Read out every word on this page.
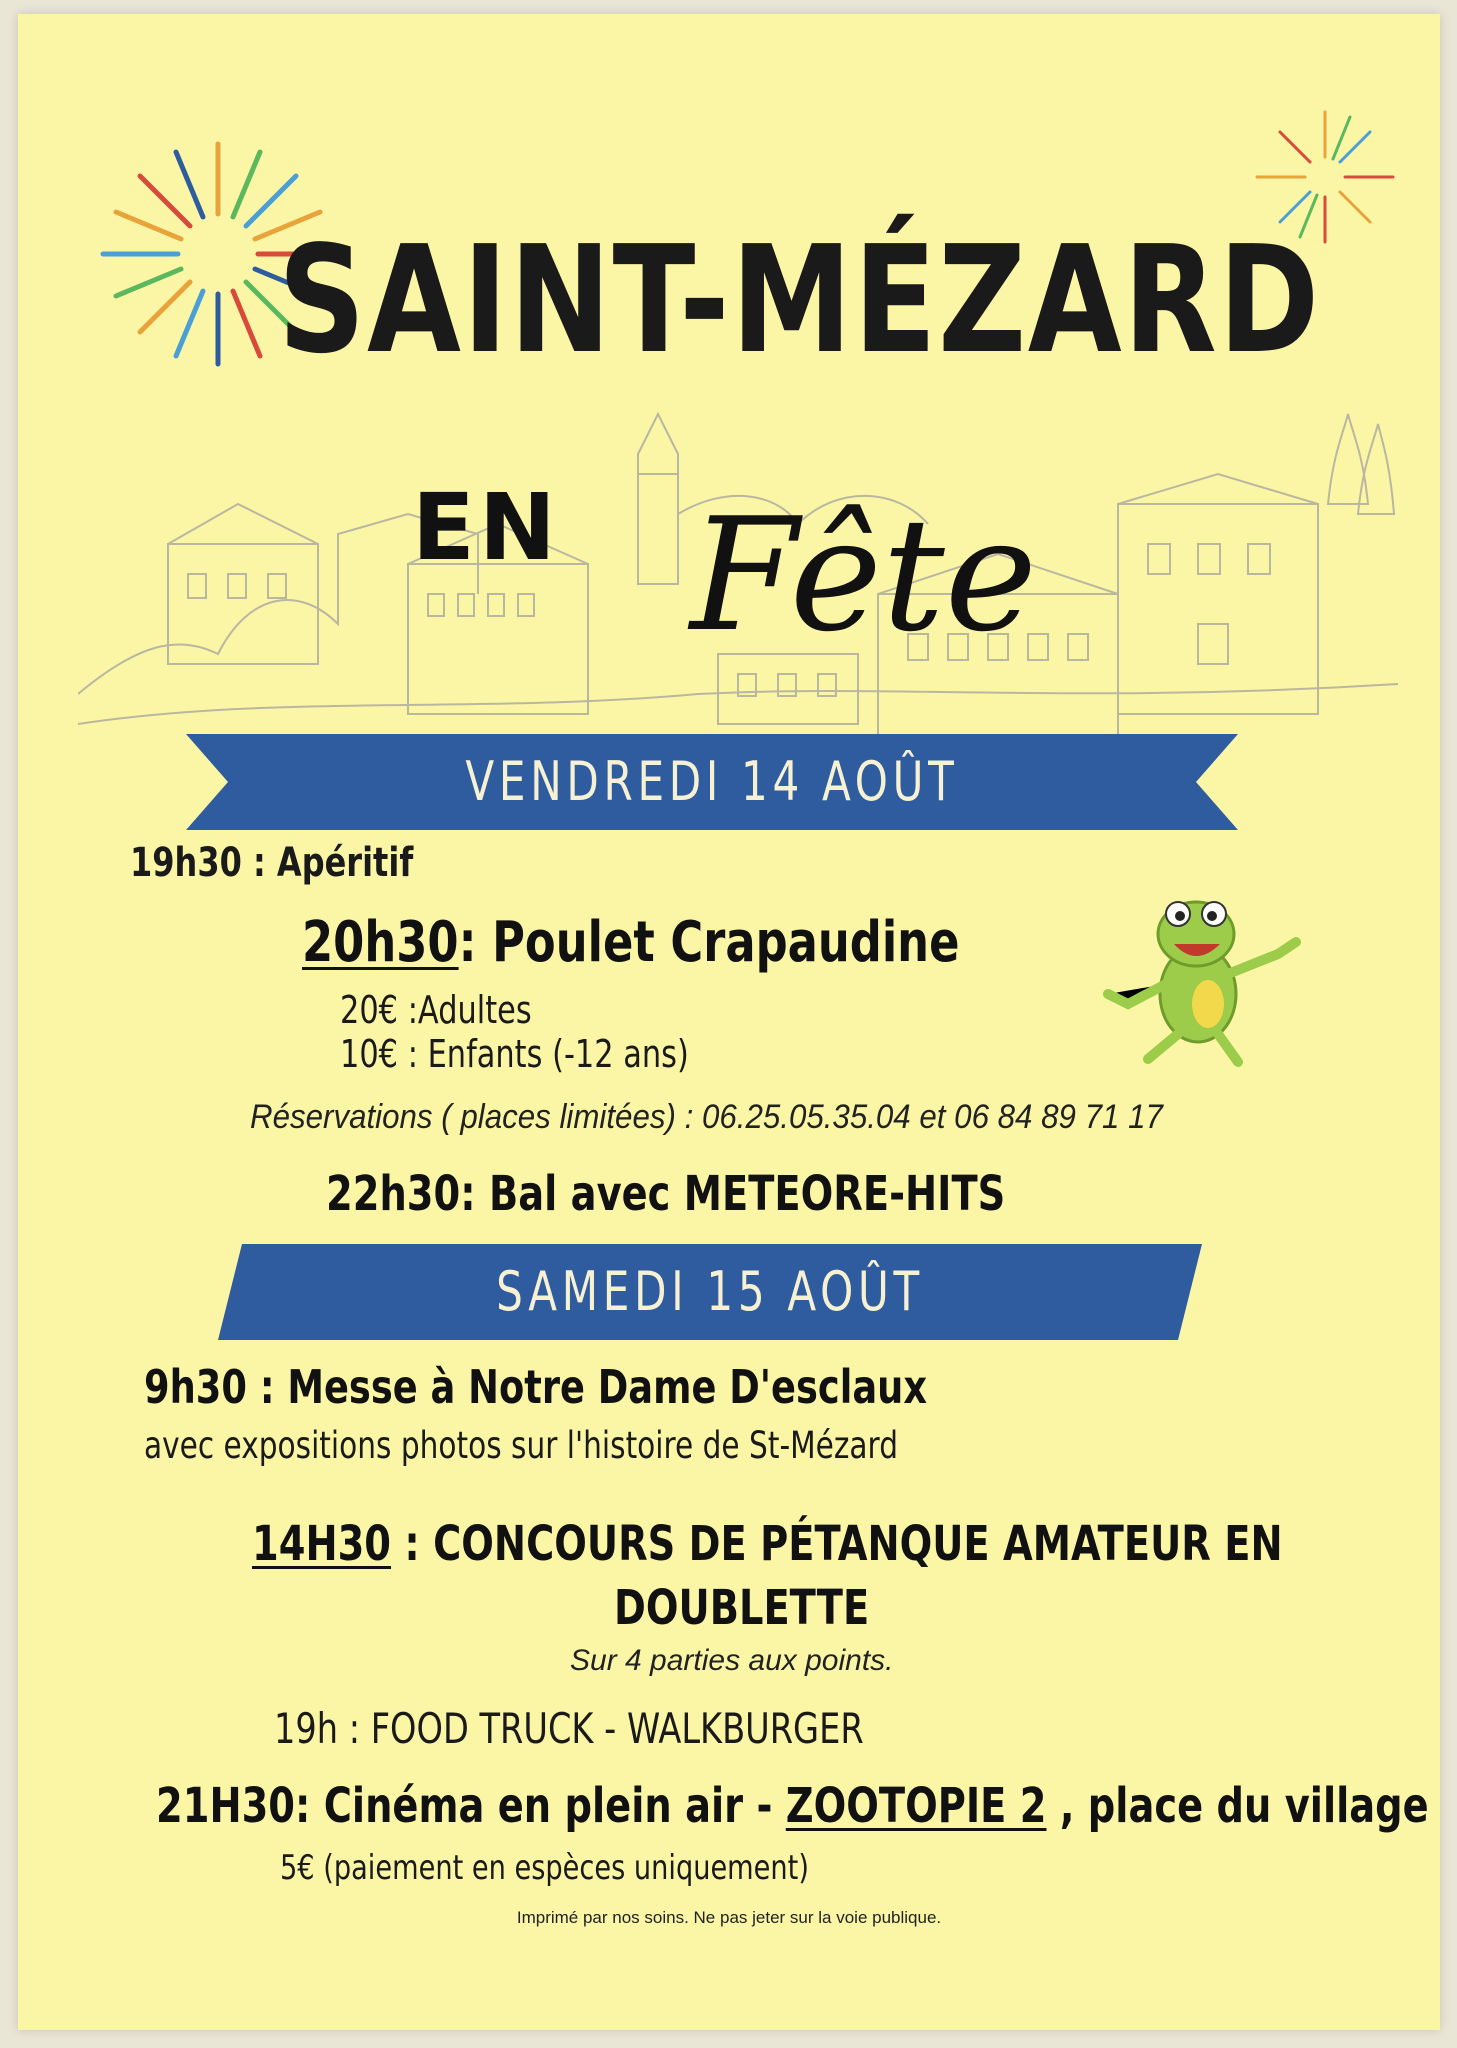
SAINT-MÉZARD
EN Fête
VENDREDI 14 AOÛT
19h30 : Apéritif
20h30: Poulet Crapaudine
20€ :Adultes
10€ : Enfants (-12 ans)
Réservations ( places limitées) : 06.25.05.35.04 et 06 84 89 71 17
22h30: Bal avec METEORE-HITS
SAMEDI 15 AOÛT
9h30 : Messe à Notre Dame D'esclaux
avec expositions photos sur l'histoire de St-Mézard
14H30 : CONCOURS DE PÉTANQUE AMATEUR EN
DOUBLETTE
Sur 4 parties aux points.
19h : FOOD TRUCK - WALKBURGER
21H30: Cinéma en plein air - ZOOTOPIE 2 , place du village
5€ (paiement en espèces uniquement)
Imprimé par nos soins. Ne pas jeter sur la voie publique.
